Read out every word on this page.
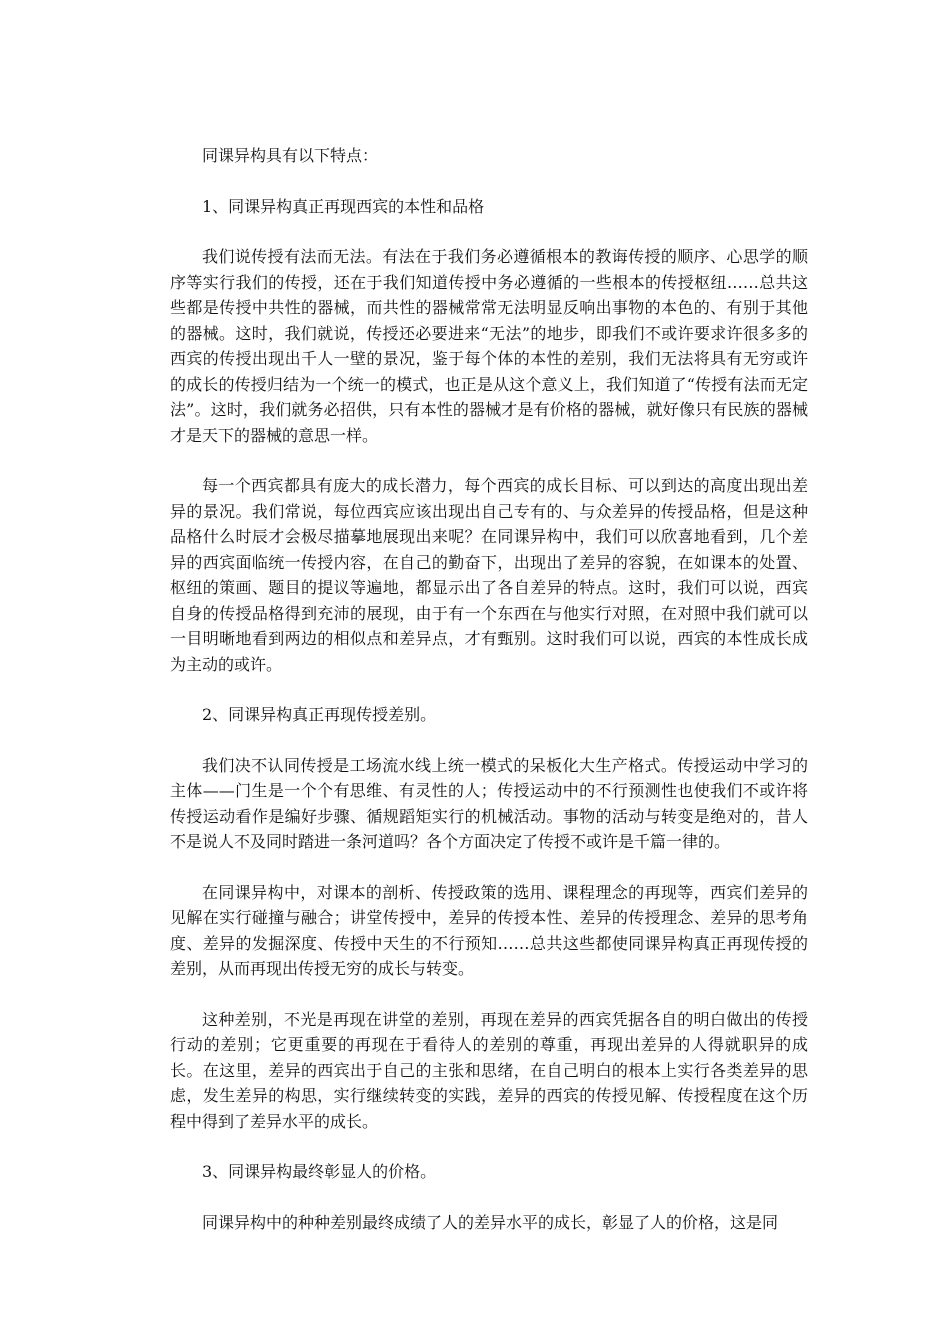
同课异构具有以下特点：

1、同课异构真正再现西宾的本性和品格

我们说传授有法而无法。有法在于我们务必遵循根本的教诲传授的顺序、心思学的顺序等实行我们的传授，还在于我们知道传授中务必遵循的一些根本的传授枢纽……总共这些都是传授中共性的器械，而共性的器械常常无法明显反响出事物的本色的、有别于其他的器械。这时，我们就说，传授还必要进来“无法”的地步，即我们不或许要求许很多多的西宾的传授出现出千人一壁的景况，鉴于每个体的本性的差别，我们无法将具有无穷或许的成长的传授归结为一个统一的模式，也正是从这个意义上，我们知道了“传授有法而无定法”。这时，我们就务必招供，只有本性的器械才是有价格的器械，就好像只有民族的器械才是天下的器械的意思一样。

每一个西宾都具有庞大的成长潜力，每个西宾的成长目标、可以到达的高度出现出差异的景况。我们常说，每位西宾应该出现出自己专有的、与众差异的传授品格，但是这种品格什么时辰才会极尽描摹地展现出来呢？在同课异构中，我们可以欣喜地看到，几个差异的西宾面临统一传授内容，在自己的勤奋下，出现出了差异的容貌，在如课本的处置、枢纽的策画、题目的提议等遍地，都显示出了各自差异的特点。这时，我们可以说，西宾自身的传授品格得到充沛的展现，由于有一个东西在与他实行对照，在对照中我们就可以一目明晰地看到两边的相似点和差异点，才有甄别。这时我们可以说，西宾的本性成长成为主动的或许。

2、同课异构真正再现传授差别。

我们决不认同传授是工场流水线上统一模式的呆板化大生产格式。传授运动中学习的主体——门生是一个个有思维、有灵性的人；传授运动中的不行预测性也使我们不或许将传授运动看作是编好步骤、循规蹈矩实行的机械活动。事物的活动与转变是绝对的，昔人不是说人不及同时踏进一条河道吗？各个方面决定了传授不或许是千篇一律的。

在同课异构中，对课本的剖析、传授政策的选用、课程理念的再现等，西宾们差异的见解在实行碰撞与融合；讲堂传授中，差异的传授本性、差异的传授理念、差异的思考角度、差异的发掘深度、传授中天生的不行预知……总共这些都使同课异构真正再现传授的差别，从而再现出传授无穷的成长与转变。

这种差别，不光是再现在讲堂的差别，再现在差异的西宾凭据各自的明白做出的传授行动的差别；它更重要的再现在于看待人的差别的尊重，再现出差异的人得就职异的成长。在这里，差异的西宾出于自己的主张和思绪，在自己明白的根本上实行各类差异的思虑，发生差异的构思，实行继续转变的实践，差异的西宾的传授见解、传授程度在这个历程中得到了差异水平的成长。

3、同课异构最终彰显人的价格。

同课异构中的种种差别最终成绩了人的差异水平的成长，彰显了人的价格，这是同
